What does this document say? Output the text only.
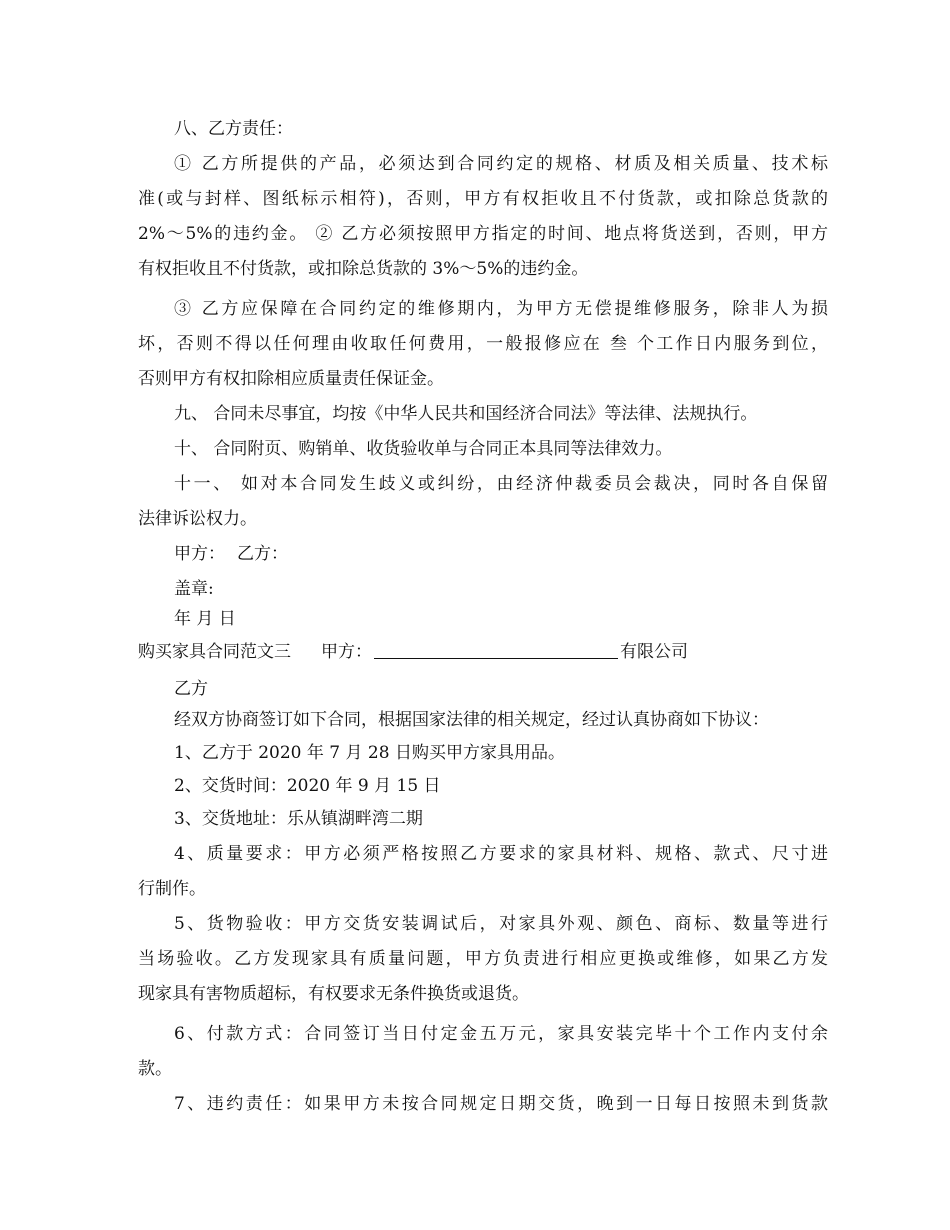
八、乙方责任：
① 乙方所提供的产品，必须达到合同约定的规格、材质及相关质量、技术标
准(或与封样、图纸标示相符)，否则，甲方有权拒收且不付货款，或扣除总货款的
2%～5%的违约金。 ② 乙方必须按照甲方指定的时间、地点将货送到，否则，甲方
有权拒收且不付货款，或扣除总货款的 3%～5%的违约金。
③ 乙方应保障在合同约定的维修期内，为甲方无偿提维修服务，除非人为损
坏，否则不得以任何理由收取任何费用，一般报修应在 叁 个工作日内服务到位，
否则甲方有权扣除相应质量责任保证金。
九、 合同未尽事宜，均按《中华人民共和国经济合同法》等法律、法规执行。
十、 合同附页、购销单、收货验收单与合同正本具同等法律效力。
十一、 如对本合同发生歧义或纠纷，由经济仲裁委员会裁决，同时各自保留
法律诉讼权力。
甲方： 乙方：
盖章:
年 月 日
购买家具合同范文三 甲方：	有限公司
乙方
经双方协商签订如下合同，根据国家法律的相关规定，经过认真协商如下协议：
1、乙方于 2020 年 7 月 28 日购买甲方家具用品。
2、交货时间：2020 年 9 月 15 日
3、交货地址：乐从镇湖畔湾二期
4、质量要求：甲方必须严格按照乙方要求的家具材料、规格、款式、尺寸进
行制作。
5、货物验收：甲方交货安装调试后，对家具外观、颜色、商标、数量等进行
当场验收。乙方发现家具有质量问题，甲方负责进行相应更换或维修，如果乙方发
现家具有害物质超标，有权要求无条件换货或退货。
6、付款方式：合同签订当日付定金五万元，家具安装完毕十个工作内支付余
款。
7、违约责任：如果甲方未按合同规定日期交货，晚到一日每日按照未到货款
